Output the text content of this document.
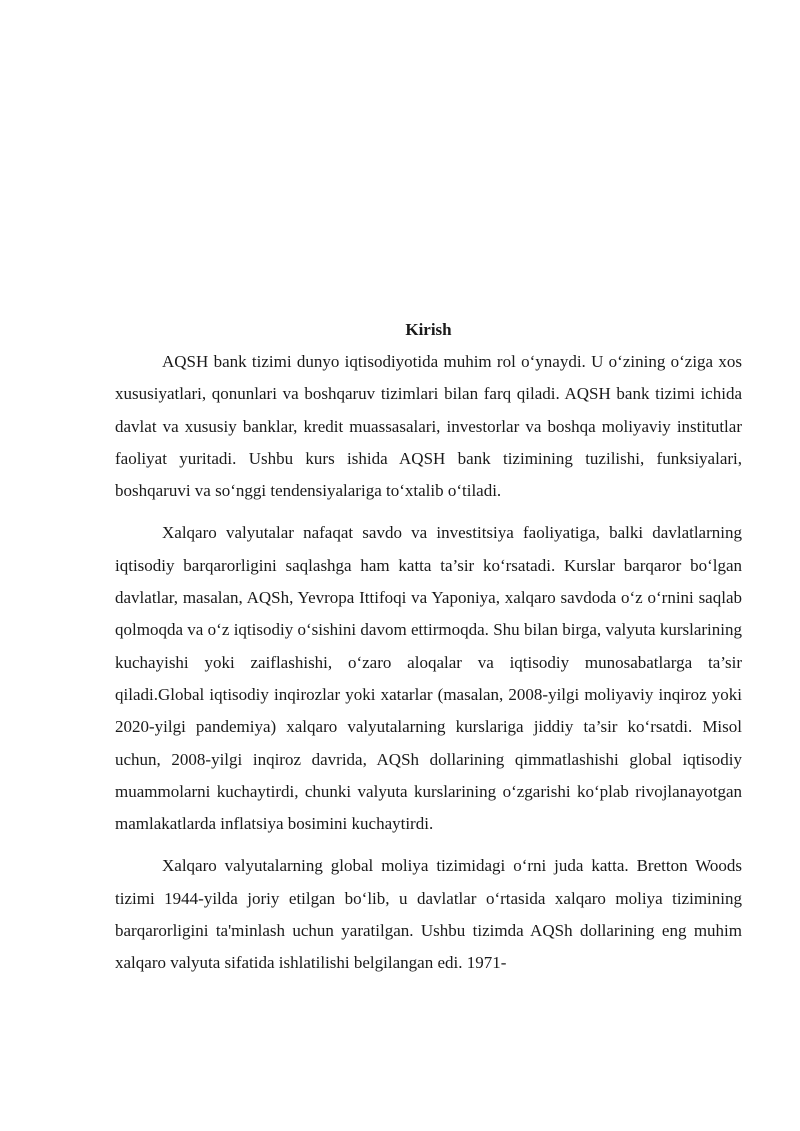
Kirish

AQSH bank tizimi dunyo iqtisodiyotida muhim rol o‘ynaydi. U o‘zining o‘ziga xos xususiyatlari, qonunlari va boshqaruv tizimlari bilan farq qiladi. AQSH bank tizimi ichida davlat va xususiy banklar, kredit muassasalari, investorlar va boshqa moliyaviy institutlar faoliyat yuritadi. Ushbu kurs ishida AQSH bank tizimining tuzilishi, funksiyalari, boshqaruvi va so‘nggi tendensiyalariga to‘xtalib o‘tiladi.

Xalqaro valyutalar nafaqat savdo va investitsiya faoliyatiga, balki davlatlarning iqtisodiy barqarorligini saqlashga ham katta ta’sir ko‘rsatadi. Kurslar barqaror bo‘lgan davlatlar, masalan, AQSh, Yevropa Ittifoqi va Yaponiya, xalqaro savdoda o‘z o‘rnini saqlab qolmoqda va o‘z iqtisodiy o‘sishini davom ettirmoqda. Shu bilan birga, valyuta kurslarining kuchayishi yoki zaiflashishi, o‘zaro aloqalar va iqtisodiy munosabatlarga ta’sir qiladi.Global iqtisodiy inqirozlar yoki xatarlar (masalan, 2008-yilgi moliyaviy inqiroz yoki 2020-yilgi pandemiya) xalqaro valyutalarning kurslariga jiddiy ta’sir ko‘rsatdi. Misol uchun, 2008-yilgi inqiroz davrida, AQSh dollarining qimmatlashishi global iqtisodiy muammolarni kuchaytirdi, chunki valyuta kurslarining o‘zgarishi ko‘plab rivojlanayotgan mamlakatlarda inflatsiya bosimini kuchaytirdi.

Xalqaro valyutalarning global moliya tizimidagi o‘rni juda katta. Bretton Woods tizimi 1944-yilda joriy etilgan bo‘lib, u davlatlar o‘rtasida xalqaro moliya tizimining barqarorligini ta'minlash uchun yaratilgan. Ushbu tizimda AQSh dollarining eng muhim xalqaro valyuta sifatida ishlatilishi belgilangan edi. 1971-
